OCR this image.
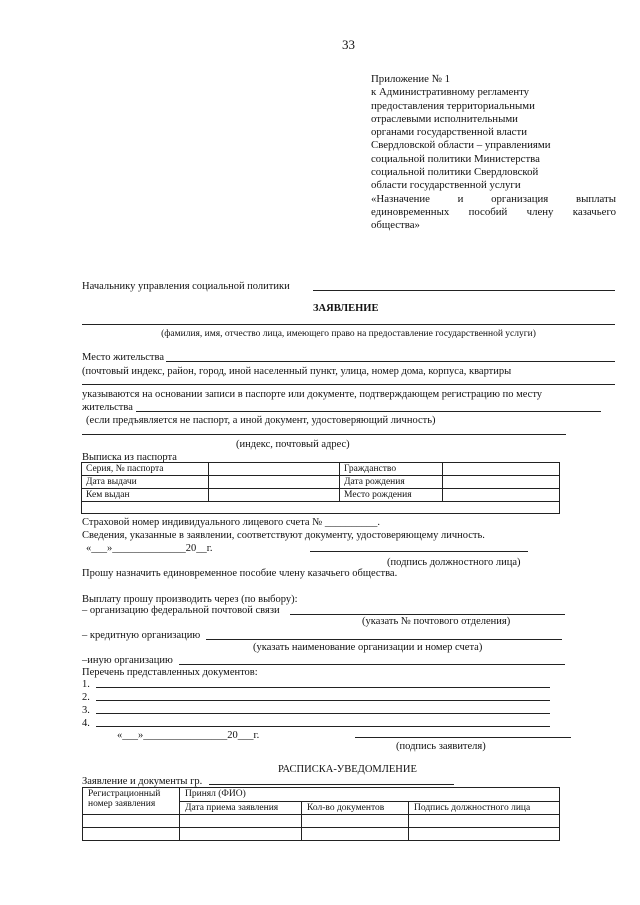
33
Приложение № 1
к Административному регламенту
предоставления территориальными
отраслевыми исполнительными
органами государственной власти
Свердловской области – управлениями
социальной политики Министерства
социальной политики Свердловской
области государственной услуги
«Назначение	и	организация	выплаты
единовременных пособий члену казачьего
общества»
Начальнику управления социальной политики
ЗАЯВЛЕНИЕ
(фамилия, имя, отчество лица, имеющего право на предоставление государственной услуги)
Место жительства
(почтовый индекс, район, город, иной населенный пункт, улица, номер дома, корпуса, квартиры
указываются на основании записи в паспорте или документе, подтверждающем регистрацию по месту
жительства
(если предъявляется не паспорт, а иной документ, удостоверяющий личность)
(индекс, почтовый адрес)
Выписка из паспорта
Серия, № паспорта		Гражданство	
Дата выдачи		Дата рождения	
Кем выдан		Место рождения	

Страховой номер индивидуального лицевого счета № __________.
Сведения, указанные в заявлении, соответствуют документу, удостоверяющему личность.
«___»______________20__г.
(подпись должностного лица)
Прошу назначить единовременное пособие члену казачьего общества.
Выплату прошу производить через (по выбору):
– организацию федеральной почтовой связи
(указать № почтового отделения)
– кредитную организацию
(указать наименование организации и номер счета)
–иную организацию
Перечень представленных документов:
1.
2.
3.
4.
«___»________________20___г.
(подпись заявителя)
РАСПИСКА-УВЕДОМЛЕНИЕ
Заявление и документы гр.
Регистрационный
номер заявления	Принял (ФИО)		
	Дата приема заявления	Кол-во документов	Подпись должностного лица
